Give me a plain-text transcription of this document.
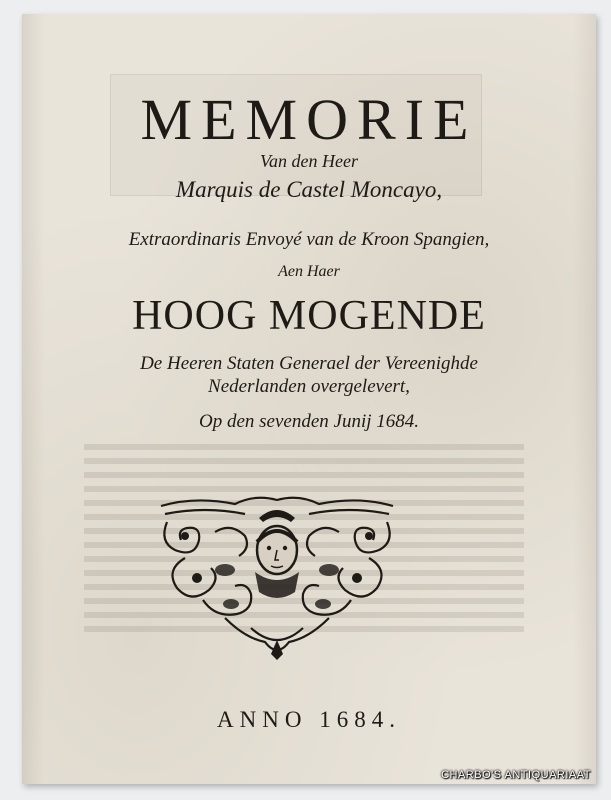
MEMORIE
Van den Heer
Marquis de Castel Moncayo,
Extraordinaris Envoyé van de Kroon Spangien,
Aen Haer
HOOG MOGENDE
De Heeren Staten Generael der Vereenighde
Nederlanden overgelevert,
Op den sevenden Junij 1684.
ANNO 1684.
CHARBO'S ANTIQUARIAAT
